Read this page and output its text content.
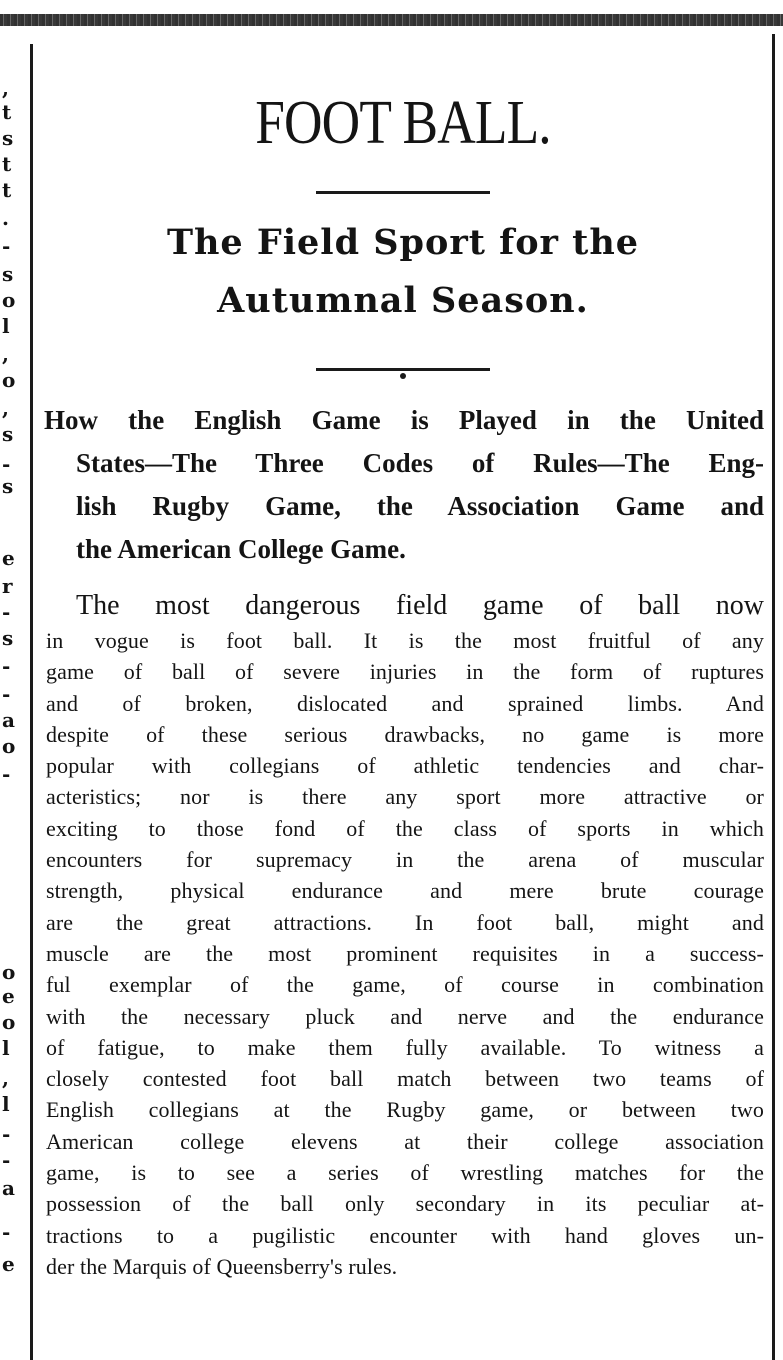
,
t
s
t
t
.
-
s
o
l
,
o
,
s
-
s
e
r
-
s
-
-
a
o
-
o
e
o
l
,
l
-
-
a
-
e
FOOT BALL.
The Field Sport for the
Autumnal Season.
How the English Game is Played in the United
States—The Three Codes of Rules—The Eng-
lish Rugby Game, the Association Game and
the American College Game.
The most dangerous field game of ball now
in vogue is foot ball. It is the most fruitful of any
game of ball of severe injuries in the form of ruptures
and of broken, dislocated and sprained limbs. And
despite of these serious drawbacks, no game is more
popular with collegians of athletic tendencies and char-
acteristics; nor is there any sport more attractive or
exciting to those fond of the class of sports in which
encounters for supremacy in the arena of muscular
strength, physical endurance and mere brute courage
are the great attractions. In foot ball, might and
muscle are the most prominent requisites in a success-
ful exemplar of the game, of course in combination
with the necessary pluck and nerve and the endurance
of fatigue, to make them fully available. To witness a
closely contested foot ball match between two teams of
English collegians at the Rugby game, or between two
American college elevens at their college association
game, is to see a series of wrestling matches for the
possession of the ball only secondary in its peculiar at-
tractions to a pugilistic encounter with hand gloves un-
der the Marquis of Queensberry's rules.
